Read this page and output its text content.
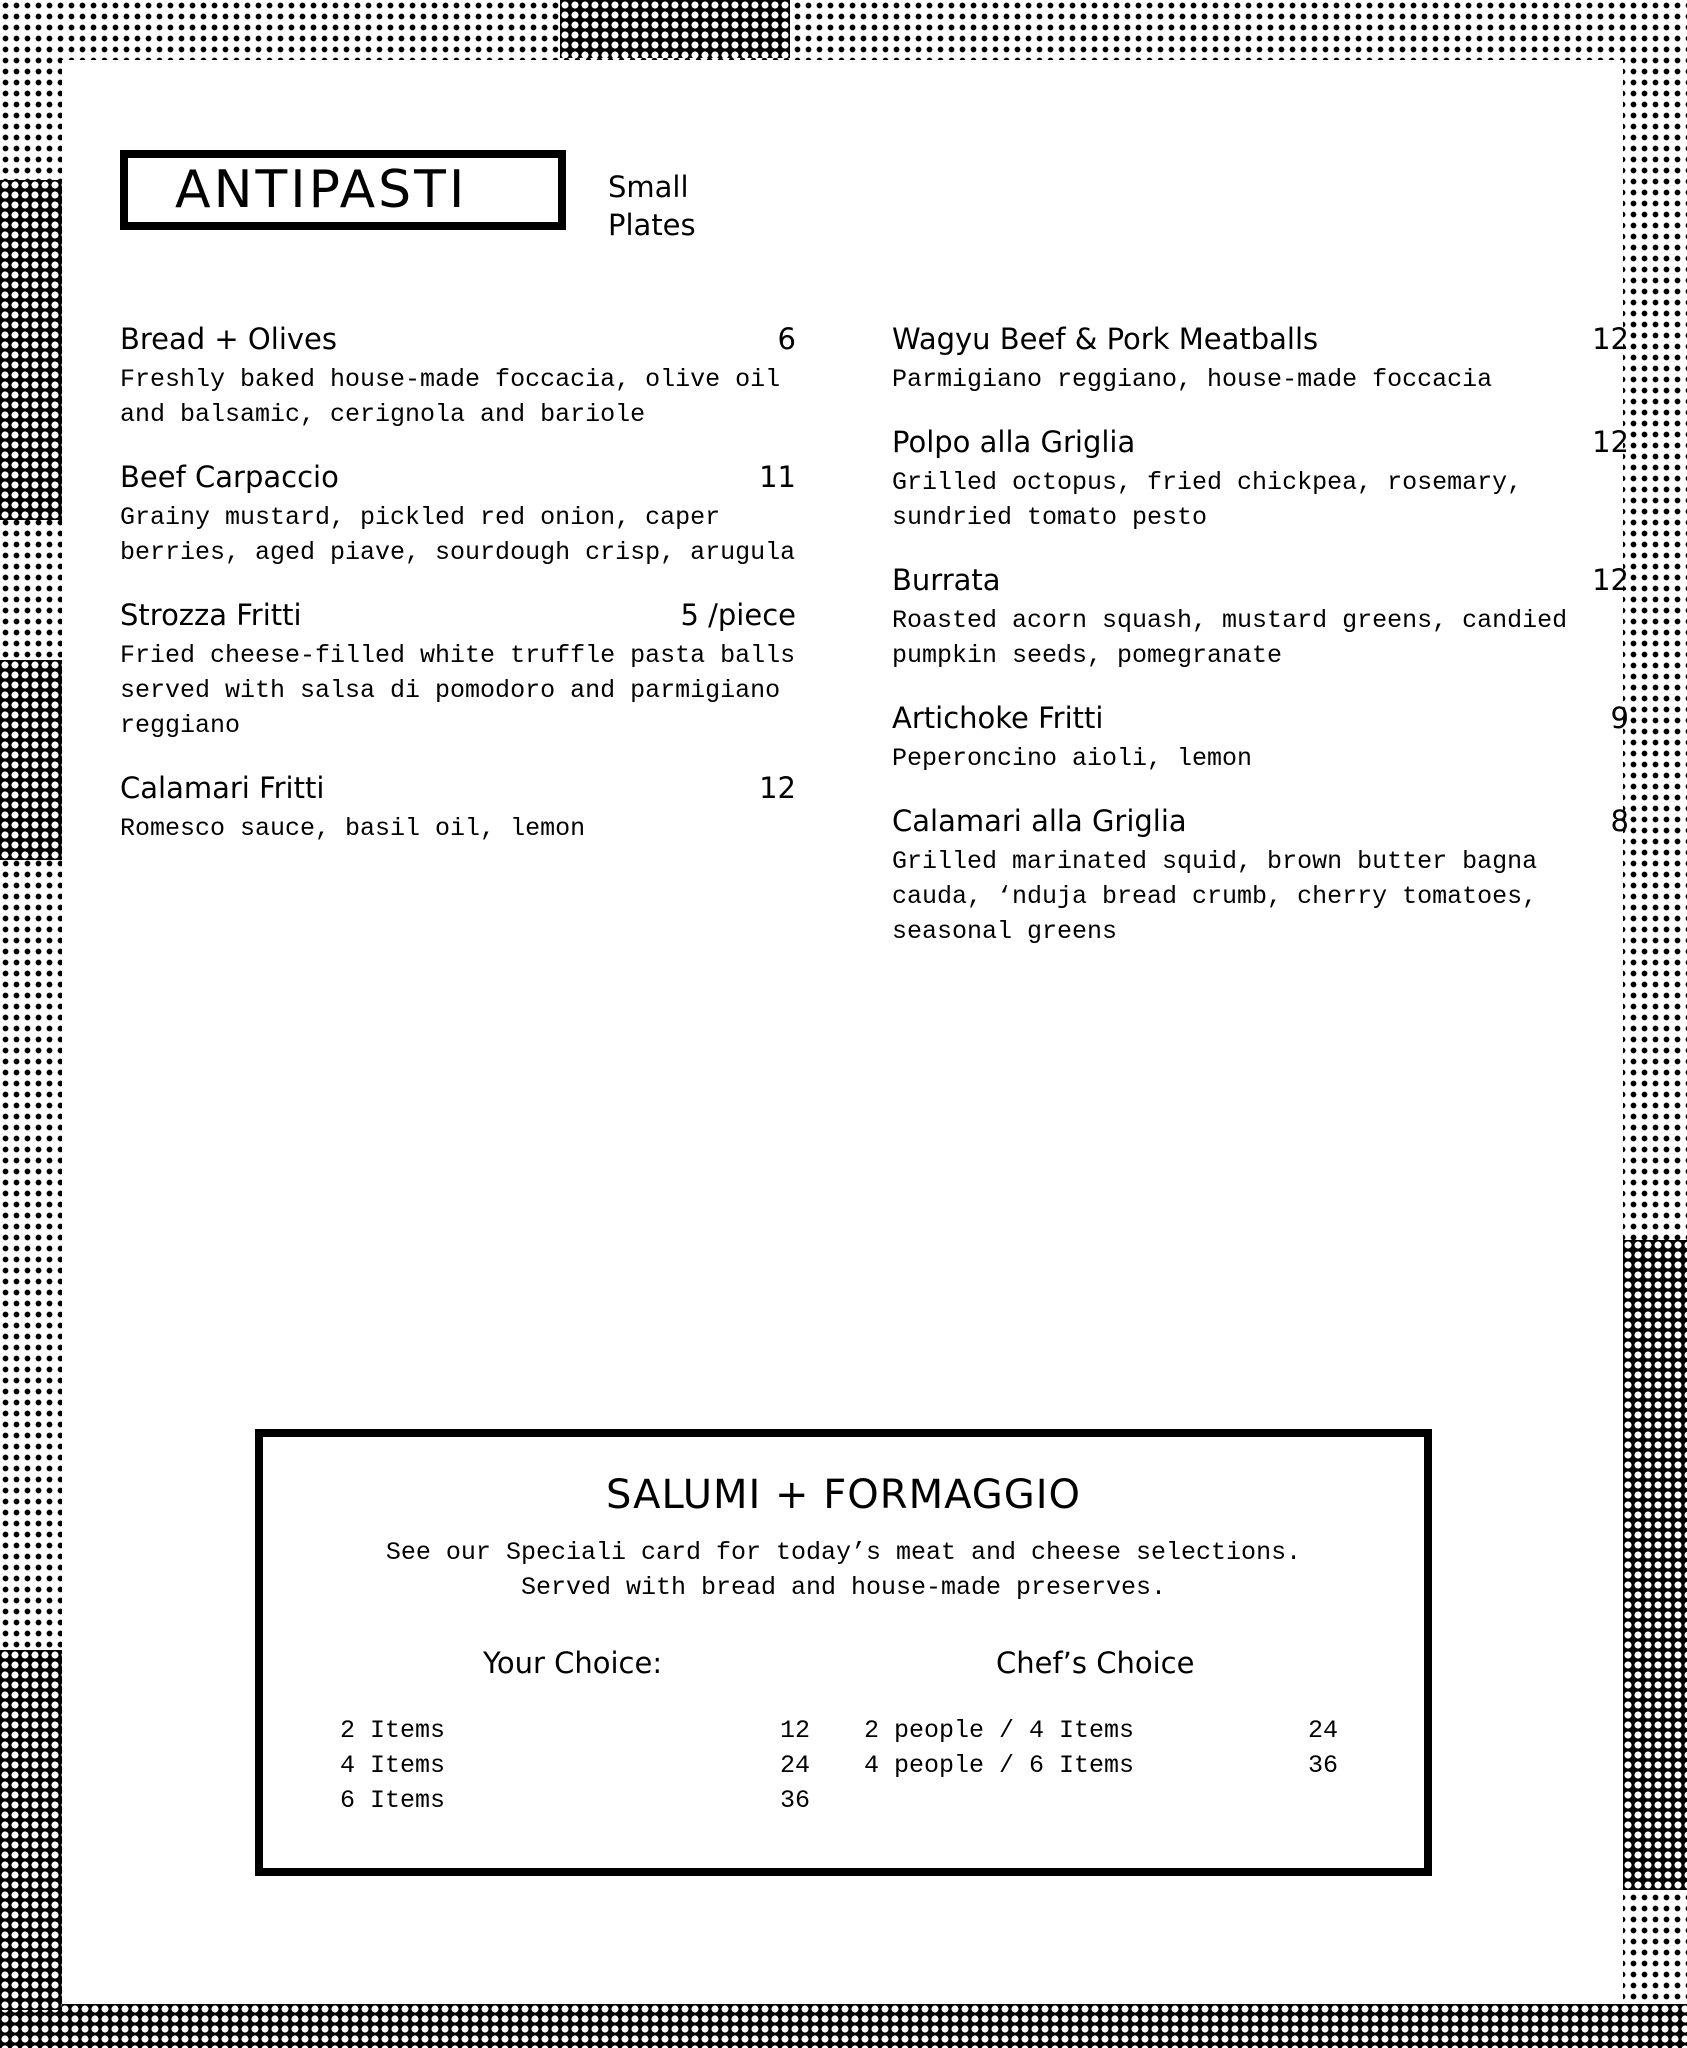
ANTIPASTI	Small
Plates
Bread + Olives	6
Freshly baked house-made foccacia, olive oil and balsamic, cerignola and bariole
Beef Carpaccio	11
Grainy mustard, pickled red onion, caper berries, aged piave, sourdough crisp, arugula
Strozza Fritti	5 /piece
Fried cheese-filled white truffle pasta balls served with salsa di pomodoro and parmigiano reggiano
Calamari Fritti	12
Romesco sauce, basil oil, lemon
Wagyu Beef & Pork Meatballs	12
Parmigiano reggiano, house-made foccacia
Polpo alla Griglia	12
Grilled octopus, fried chickpea, rosemary, sundried tomato pesto
Burrata	12
Roasted acorn squash, mustard greens, candied pumpkin seeds, pomegranate
Artichoke Fritti	9
Peperoncino aioli, lemon
Calamari alla Griglia	8
Grilled marinated squid, brown butter bagna cauda, ‘nduja bread crumb, cherry tomatoes, seasonal greens
SALUMI + FORMAGGIO
See our Speciali card for today’s meat and cheese selections.
Served with bread and house-made preserves.
Your Choice:	Chef’s Choice
2 Items	12
4 Items	24
6 Items	36
2 people / 4 Items	24
4 people / 6 Items	36
